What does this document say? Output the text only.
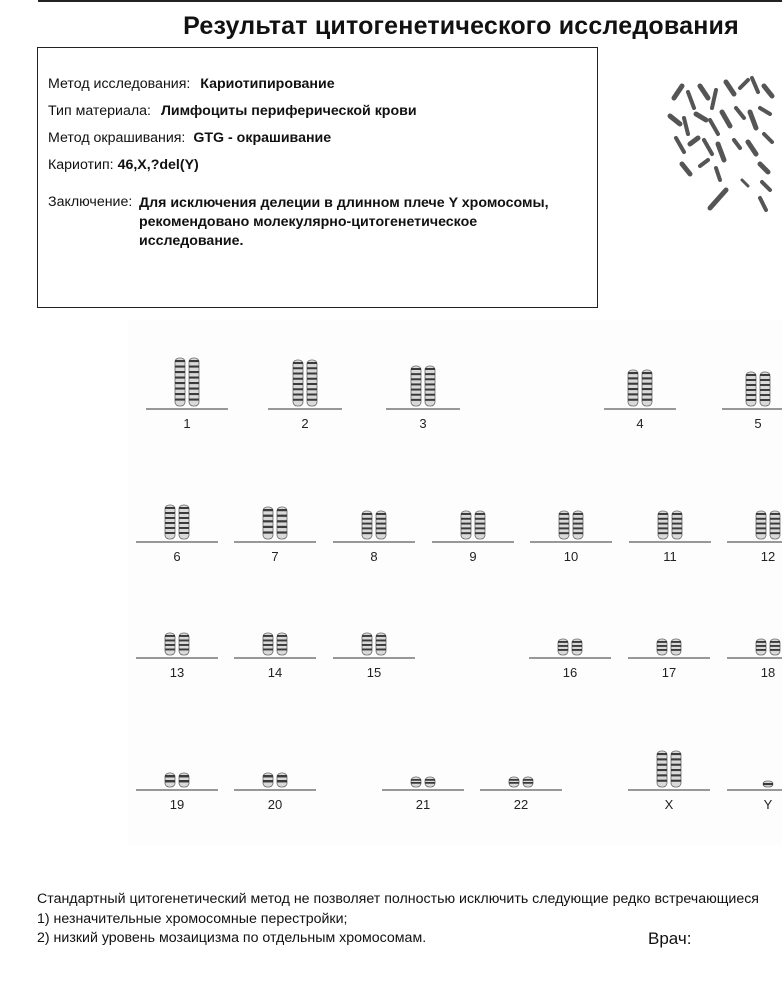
Результат цитогенетического исследования
Метод исследования: Кариотипирование
Тип материала: Лимфоциты периферической крови
Метод окрашивания: GTG - окрашивание
Кариотип: 46,X,?del(Y)
Заключение: Для исключения делеции в длинном плече Y хромосомы, рекомендовано молекулярно-цитогенетическое исследование.
1	2	3	4	5
6	7	8	9	10	11	12
13	14	15	16	17	18
19	20	21	22	X	Y
Стандартный цитогенетический метод не позволяет полностью исключить следующие редко встречающиеся
1) незначительные хромосомные перестройки;
2) низкий уровень мозаицизма по отдельным хромосомам.	Врач:
